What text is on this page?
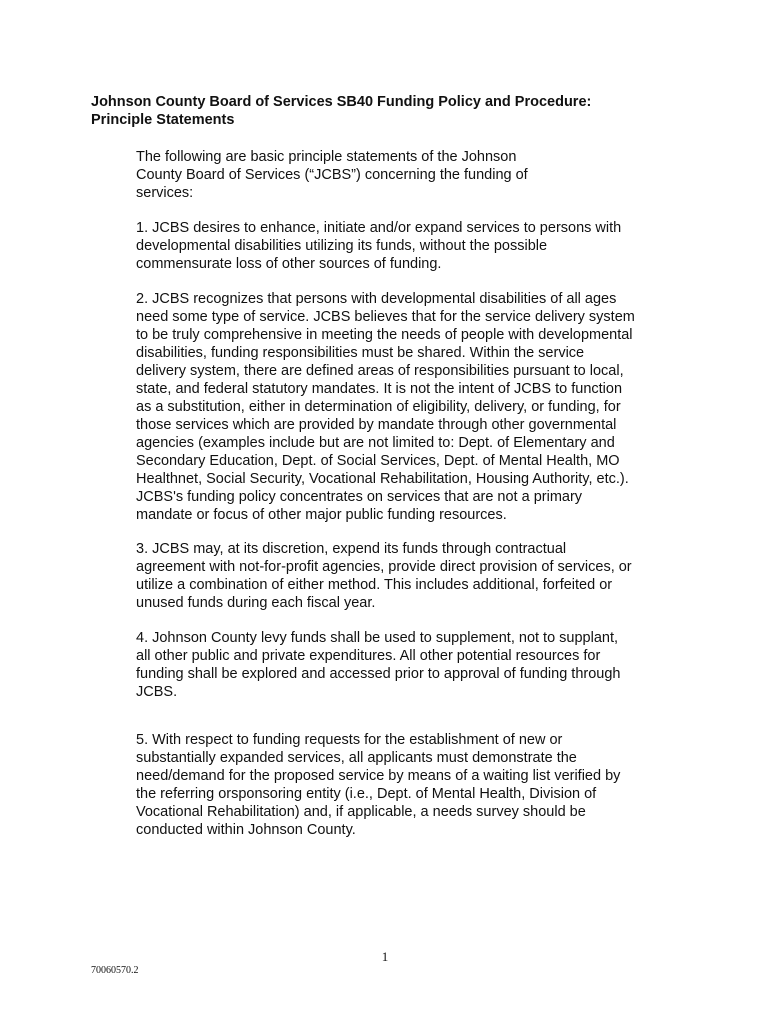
Johnson County Board of Services SB40 Funding Policy and Procedure:
Principle Statements
The following are basic principle statements of the Johnson
County Board of Services (“JCBS”) concerning the funding of
services:
1. JCBS desires to enhance, initiate and/or expand services to persons with
developmental disabilities utilizing its funds, without the possible
commensurate loss of other sources of funding.
2. JCBS recognizes that persons with developmental disabilities of all ages
need some type of service. JCBS believes that for the service delivery system
to be truly comprehensive in meeting the needs of people with developmental
disabilities, funding responsibilities must be shared. Within the service
delivery system, there are defined areas of responsibilities pursuant to local,
state, and federal statutory mandates. It is not the intent of JCBS to function
as a substitution, either in determination of eligibility, delivery, or funding, for
those services which are provided by mandate through other governmental
agencies (examples include but are not limited to: Dept. of Elementary and
Secondary Education, Dept. of Social Services, Dept. of Mental Health, MO
Healthnet, Social Security, Vocational Rehabilitation, Housing Authority, etc.).
JCBS's funding policy concentrates on services that are not a primary
mandate or focus of other major public funding resources.
3. JCBS may, at its discretion, expend its funds through contractual
agreement with not-for-profit agencies, provide direct provision of services, or
utilize a combination of either method. This includes additional, forfeited or
unused funds during each fiscal year.
4. Johnson County levy funds shall be used to supplement, not to supplant,
all other public and private expenditures. All other potential resources for
funding shall be explored and accessed prior to approval of funding through
JCBS.
5. With respect to funding requests for the establishment of new or
substantially expanded services, all applicants must demonstrate the
need/demand for the proposed service by means of a waiting list verified by
the referring orsponsoring entity (i.e., Dept. of Mental Health, Division of
Vocational Rehabilitation) and, if applicable, a needs survey should be
conducted within Johnson County.
1
70060570.2
